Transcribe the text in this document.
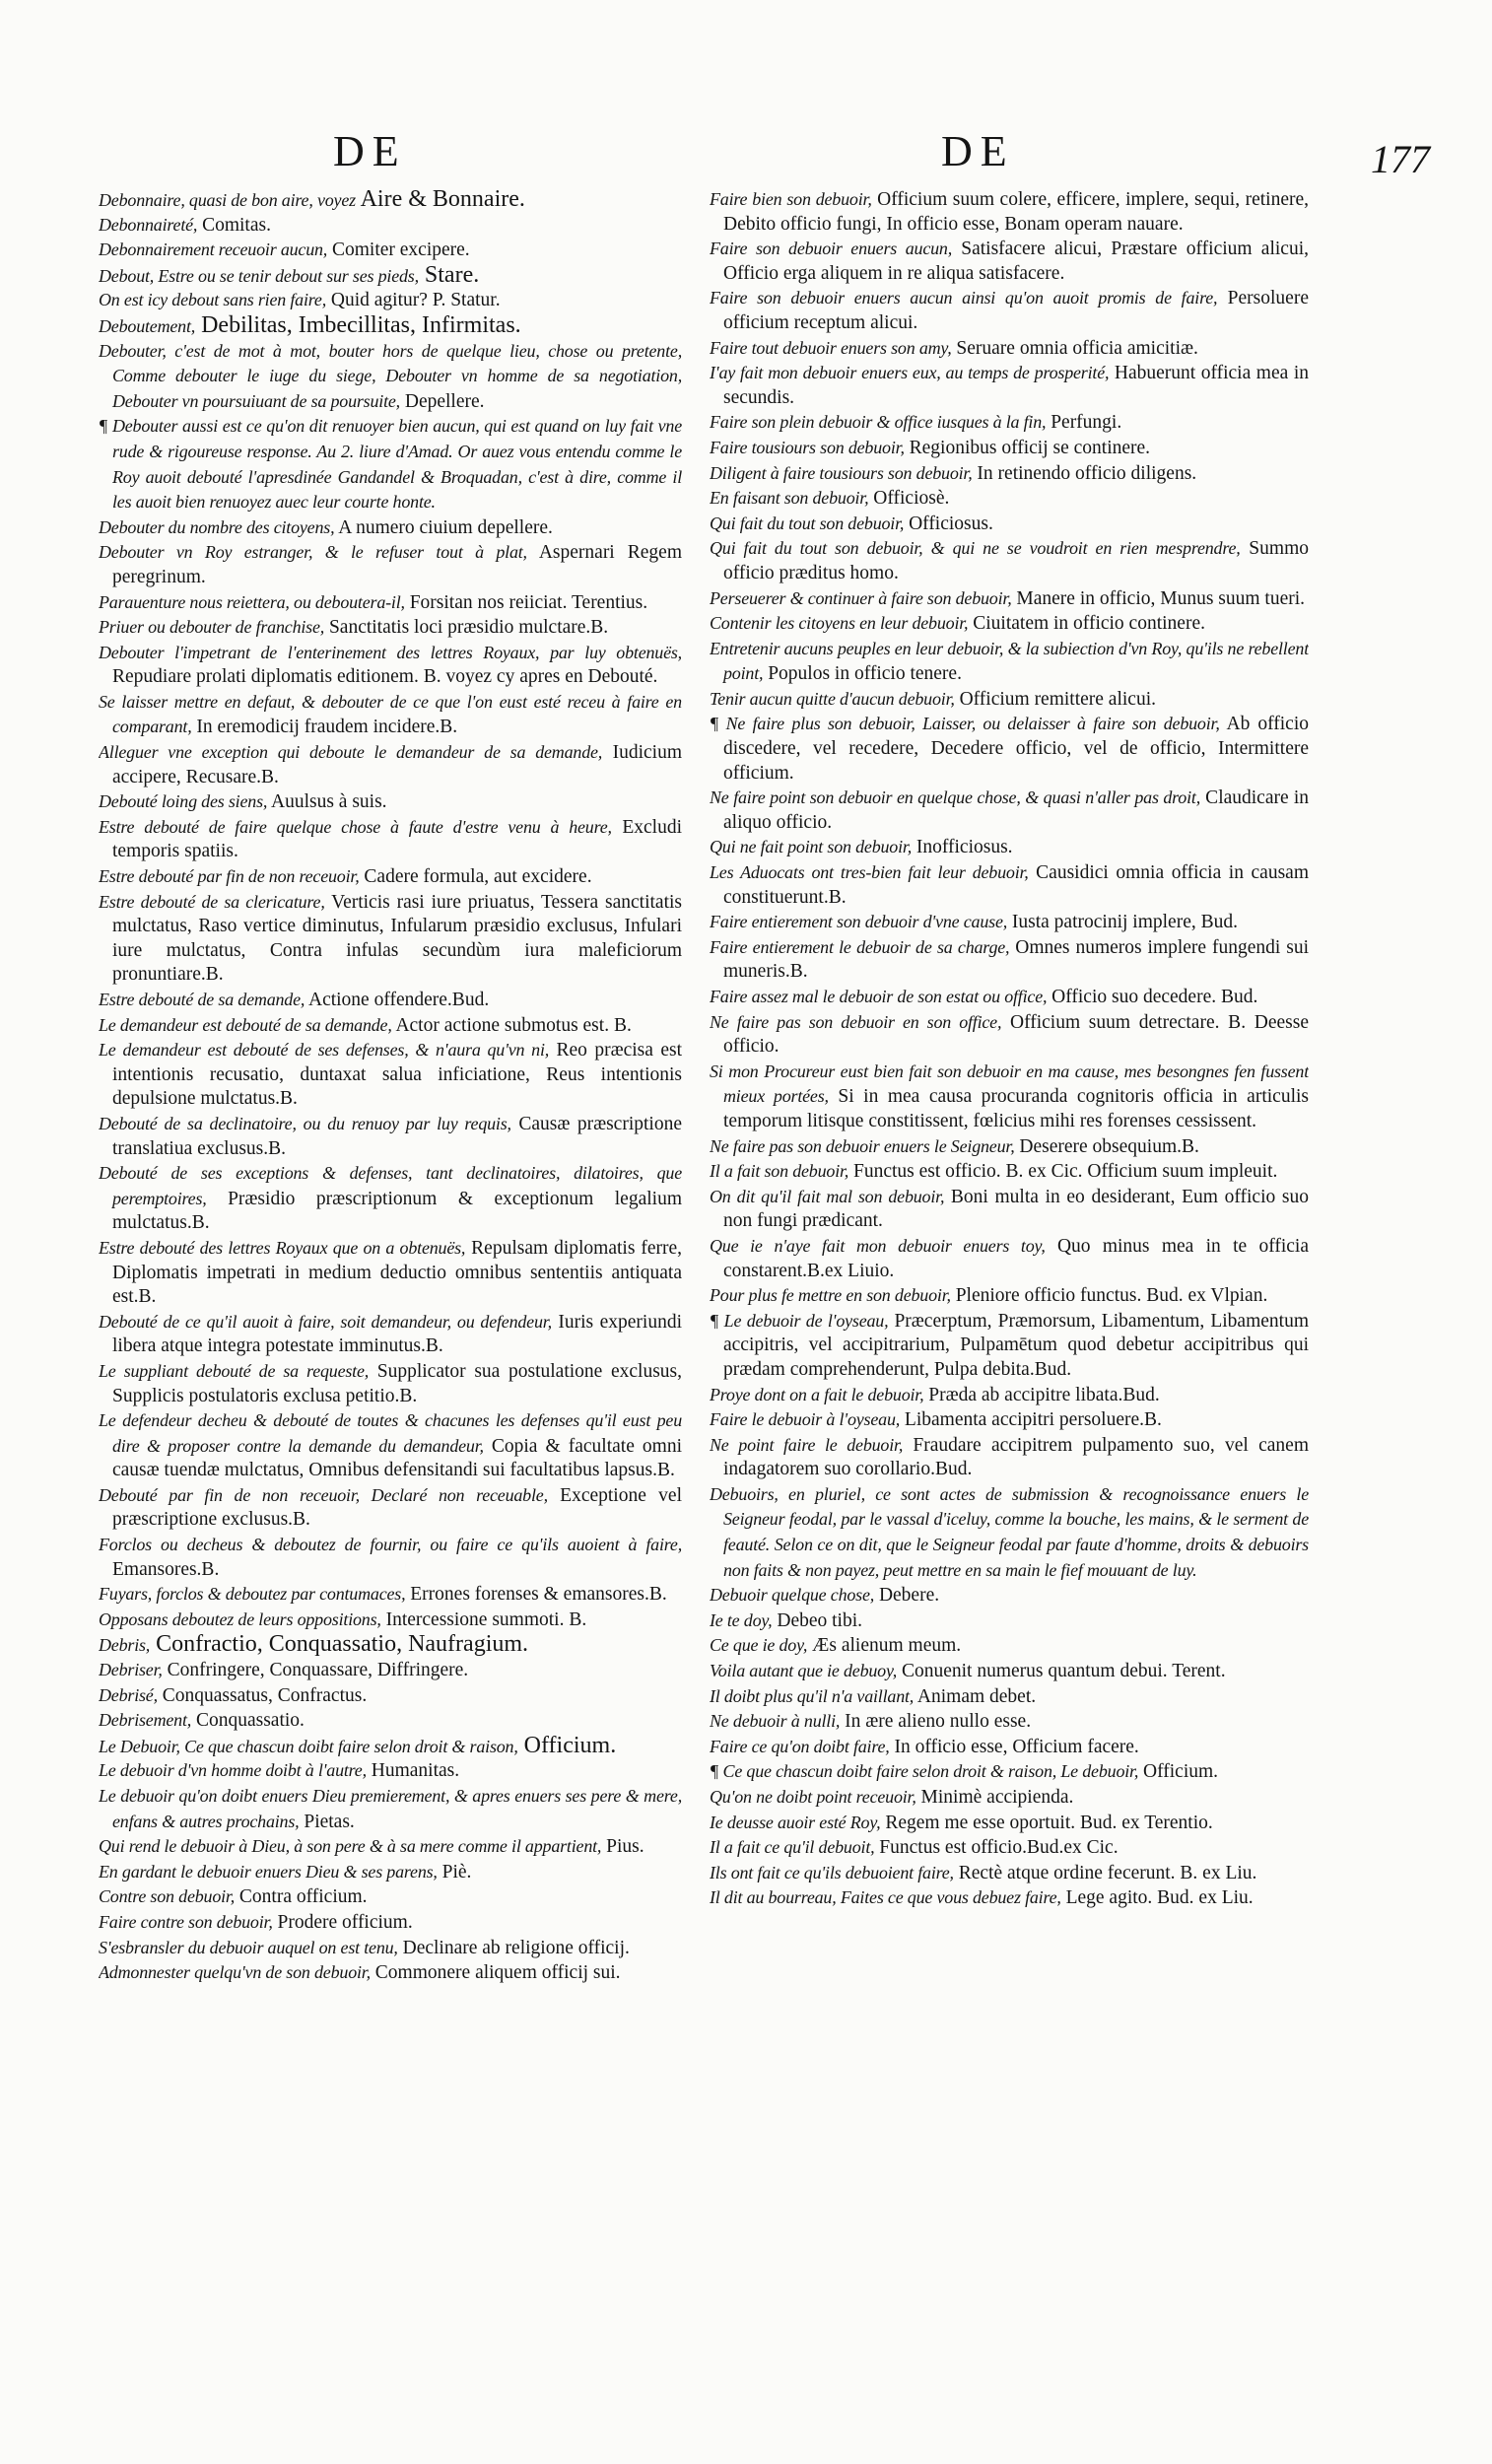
DE	DE	177

Debonnaire, quasi de bon aire, voyez Aire & Bonnaire.

Debonnaireté, Comitas.

Debonnairement receuoir aucun, Comiter excipere.

Debout, Estre ou se tenir debout sur ses pieds, Stare.

On est icy debout sans rien faire, Quid agitur? P. Statur.

Deboutement, Debilitas, Imbecillitas, Infirmitas.

Debouter, c'est de mot à mot, bouter hors de quelque lieu, chose ou pretente, Comme debouter le iuge du siege, Debouter vn homme de sa negotiation, Debouter vn poursuiuant de sa poursuite, Depellere.

¶ Debouter aussi est ce qu'on dit renuoyer bien aucun, qui est quand on luy fait vne rude & rigoureuse response. Au 2. liure d'Amad. Or auez vous entendu comme le Roy auoit debouté l'apresdinée Gandandel & Broquadan, c'est à dire, comme il les auoit bien renuoyez auec leur courte honte.

Debouter du nombre des citoyens, A numero ciuium depellere.

Debouter vn Roy estranger, & le refuser tout à plat, Aspernari Regem peregrinum.

Parauenture nous reiettera, ou deboutera-il, Forsitan nos reiiciat. Terentius.

Priuer ou debouter de franchise, Sanctitatis loci præsidio mulctare.B.

Debouter l'impetrant de l'enterinement des lettres Royaux, par luy obtenuës, Repudiare prolati diplomatis editionem. B. voyez cy apres en Debouté.

Se laisser mettre en defaut, & debouter de ce que l'on eust esté receu à faire en comparant, In eremodicij fraudem incidere.B.

Alleguer vne exception qui deboute le demandeur de sa demande, Iudicium accipere, Recusare.B.

Debouté loing des siens, Auulsus à suis.

Estre debouté de faire quelque chose à faute d'estre venu à heure, Excludi temporis spatiis.

Estre debouté par fin de non receuoir, Cadere formula, aut excidere.

Estre debouté de sa clericature, Verticis rasi iure priuatus, Tessera sanctitatis mulctatus, Raso vertice diminutus, Infularum præsidio exclusus, Infulari iure mulctatus, Contra infulas secundùm iura maleficiorum pronuntiare.B.

Estre debouté de sa demande, Actione offendere.Bud.

Le demandeur est debouté de sa demande, Actor actione submotus est. B.

Le demandeur est debouté de ses defenses, & n'aura qu'vn ni, Reo præcisa est intentionis recusatio, duntaxat salua inficiatione, Reus intentionis depulsione mulctatus.B.

Debouté de sa declinatoire, ou du renuoy par luy requis, Causæ præscriptione translatiua exclusus.B.

Debouté de ses exceptions & defenses, tant declinatoires, dilatoires, que peremptoires, Præsidio præscriptionum & exceptionum legalium mulctatus.B.

Estre debouté des lettres Royaux que on a obtenuës, Repulsam diplomatis ferre, Diplomatis impetrati in medium deductio omnibus sententiis antiquata est.B.

Debouté de ce qu'il auoit à faire, soit demandeur, ou defendeur, Iuris experiundi libera atque integra potestate imminutus.B.

Le suppliant debouté de sa requeste, Supplicator sua postulatione exclusus, Supplicis postulatoris exclusa petitio.B.

Le defendeur decheu & debouté de toutes & chacunes les defenses qu'il eust peu dire & proposer contre la demande du demandeur, Copia & facultate omni causæ tuendæ mulctatus, Omnibus defensitandi sui facultatibus lapsus.B.

Debouté par fin de non receuoir, Declaré non receuable, Exceptione vel præscriptione exclusus.B.

Forclos ou decheus & deboutez de fournir, ou faire ce qu'ils auoient à faire, Emansores.B.

Fuyars, forclos & deboutez par contumaces, Errones forenses & emansores.B.

Opposans deboutez de leurs oppositions, Intercessione summoti. B.

Debris, Confractio, Conquassatio, Naufragium.

Debriser, Confringere, Conquassare, Diffringere.

Debrisé, Conquassatus, Confractus.

Debrisement, Conquassatio.

Le Debuoir, Ce que chascun doibt faire selon droit & raison, Officium.

Le debuoir d'vn homme doibt à l'autre, Humanitas.

Le debuoir qu'on doibt enuers Dieu premierement, & apres enuers ses pere & mere, enfans & autres prochains, Pietas.

Qui rend le debuoir à Dieu, à son pere & à sa mere comme il appartient, Pius.

En gardant le debuoir enuers Dieu & ses parens, Piè.

Contre son debuoir, Contra officium.

Faire contre son debuoir, Prodere officium.

S'esbransler du debuoir auquel on est tenu, Declinare ab religione officij.

Admonnester quelqu'vn de son debuoir, Commonere aliquem officij sui.

Faire bien son debuoir, Officium suum colere, efficere, implere, sequi, retinere, Debito officio fungi, In officio esse, Bonam operam nauare.

Faire son debuoir enuers aucun, Satisfacere alicui, Præstare officium alicui, Officio erga aliquem in re aliqua satisfacere.

Faire son debuoir enuers aucun ainsi qu'on auoit promis de faire, Persoluere officium receptum alicui.

Faire tout debuoir enuers son amy, Seruare omnia officia amicitiæ.

I'ay fait mon debuoir enuers eux, au temps de prosperité, Habuerunt officia mea in secundis.

Faire son plein debuoir & office iusques à la fin, Perfungi.

Faire tousiours son debuoir, Regionibus officij se continere.

Diligent à faire tousiours son debuoir, In retinendo officio diligens.

En faisant son debuoir, Officiosè.

Qui fait du tout son debuoir, Officiosus.

Qui fait du tout son debuoir, & qui ne se voudroit en rien mesprendre, Summo officio præditus homo.

Perseuerer & continuer à faire son debuoir, Manere in officio, Munus suum tueri.

Contenir les citoyens en leur debuoir, Ciuitatem in officio continere.

Entretenir aucuns peuples en leur debuoir, & la subiection d'vn Roy, qu'ils ne rebellent point, Populos in officio tenere.

Tenir aucun quitte d'aucun debuoir, Officium remittere alicui.

¶ Ne faire plus son debuoir, Laisser, ou delaisser à faire son debuoir, Ab officio discedere, vel recedere, Decedere officio, vel de officio, Intermittere officium.

Ne faire point son debuoir en quelque chose, & quasi n'aller pas droit, Claudicare in aliquo officio.

Qui ne fait point son debuoir, Inofficiosus.

Les Aduocats ont tres-bien fait leur debuoir, Causidici omnia officia in causam constituerunt.B.

Faire entierement son debuoir d'vne cause, Iusta patrocinij implere, Bud.

Faire entierement le debuoir de sa charge, Omnes numeros implere fungendi sui muneris.B.

Faire assez mal le debuoir de son estat ou office, Officio suo decedere. Bud.

Ne faire pas son debuoir en son office, Officium suum detrectare. B. Deesse officio.

Si mon Procureur eust bien fait son debuoir en ma cause, mes besongnes fen fussent mieux portées, Si in mea causa procuranda cognitoris officia in articulis temporum litisque constitissent, fœlicius mihi res forenses cessissent.

Ne faire pas son debuoir enuers le Seigneur, Deserere obsequium.B.

Il a fait son debuoir, Functus est officio. B. ex Cic. Officium suum impleuit.

On dit qu'il fait mal son debuoir, Boni multa in eo desiderant, Eum officio suo non fungi prædicant.

Que ie n'aye fait mon debuoir enuers toy, Quo minus mea in te officia constarent.B.ex Liuio.

Pour plus fe mettre en son debuoir, Pleniore officio functus. Bud. ex Vlpian.

¶ Le debuoir de l'oyseau, Præcerptum, Præmorsum, Libamentum, Libamentum accipitris, vel accipitrarium, Pulpamētum quod debetur accipitribus qui prædam comprehenderunt, Pulpa debita.Bud.

Proye dont on a fait le debuoir, Præda ab accipitre libata.Bud.

Faire le debuoir à l'oyseau, Libamenta accipitri persoluere.B.

Ne point faire le debuoir, Fraudare accipitrem pulpamento suo, vel canem indagatorem suo corollario.Bud.

Debuoirs, en pluriel, ce sont actes de submission & recognoissance enuers le Seigneur feodal, par le vassal d'iceluy, comme la bouche, les mains, & le serment de feauté. Selon ce on dit, que le Seigneur feodal par faute d'homme, droits & debuoirs non faits & non payez, peut mettre en sa main le fief mouuant de luy.

Debuoir quelque chose, Debere.

Ie te doy, Debeo tibi.

Ce que ie doy, Æs alienum meum.

Voila autant que ie debuoy, Conuenit numerus quantum debui. Terent.

Il doibt plus qu'il n'a vaillant, Animam debet.

Ne debuoir à nulli, In ære alieno nullo esse.

Faire ce qu'on doibt faire, In officio esse, Officium facere.

¶ Ce que chascun doibt faire selon droit & raison, Le debuoir, Officium.

Qu'on ne doibt point receuoir, Minimè accipienda.

Ie deusse auoir esté Roy, Regem me esse oportuit. Bud. ex Terentio.

Il a fait ce qu'il debuoit, Functus est officio.Bud.ex Cic.

Ils ont fait ce qu'ils debuoient faire, Rectè atque ordine fecerunt. B. ex Liu.

Il dit au bourreau, Faites ce que vous debuez faire, Lege agito. Bud. ex Liu.
